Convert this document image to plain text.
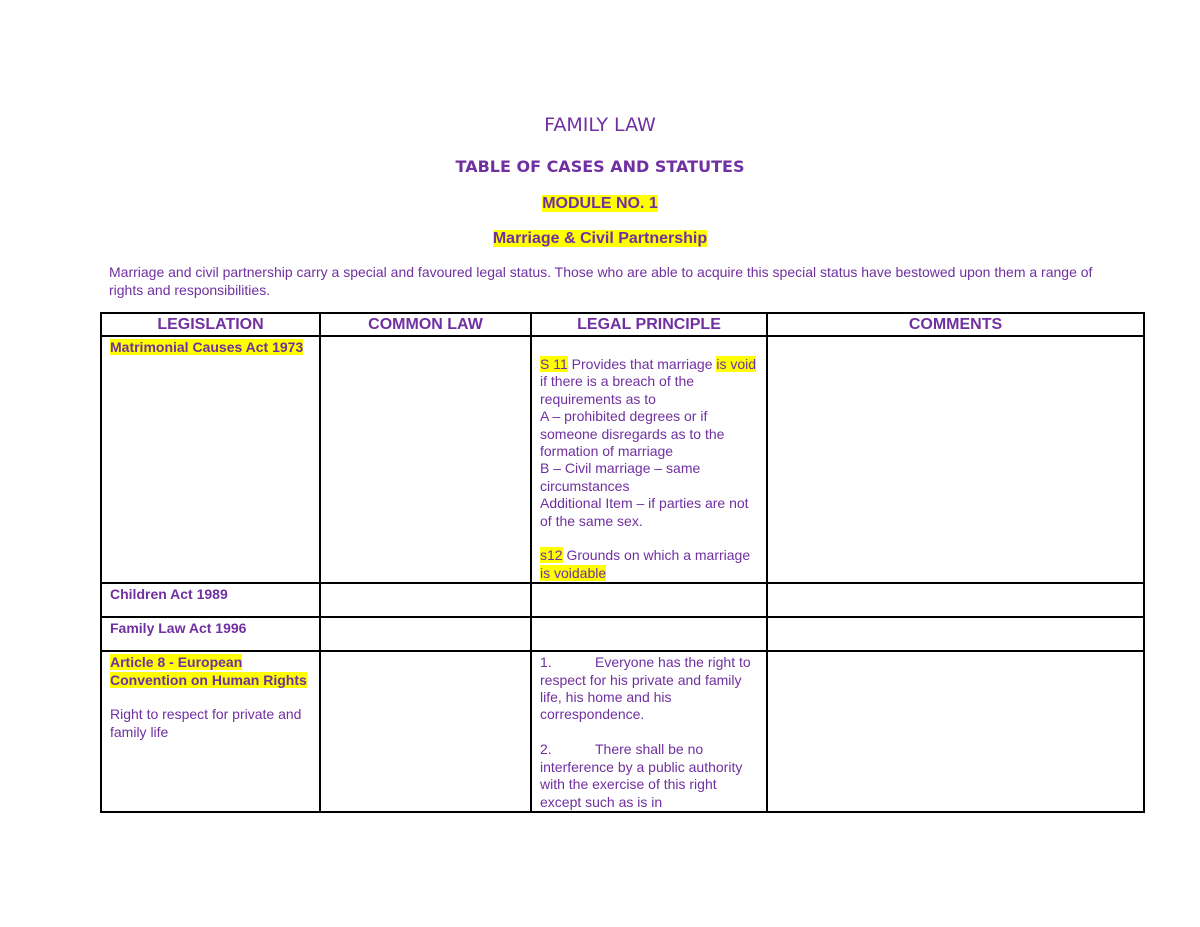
FAMILY LAW
TABLE OF CASES AND STATUTES
MODULE NO. 1
Marriage & Civil Partnership
Marriage and civil partnership carry a special and favoured legal status. Those who are able to acquire this special status have bestowed upon them a range of rights and responsibilities.
LEGISLATION	COMMON LAW	LEGAL PRINCIPLE	COMMENTS
Matrimonial Causes Act 1973		S 11 Provides that marriage is void if there is a breach of the requirements as to
A – prohibited degrees or if someone disregards as to the formation of marriage
B – Civil marriage – same circumstances
Additional Item – if parties are not of the same sex.
s12 Grounds on which a marriage is voidable	
Children Act 1989			
Family Law Act 1996			
Article 8 - European Convention on Human Rights
Right to respect for private and family life		1. Everyone has the right to respect for his private and family life, his home and his correspondence.
2. There shall be no interference by a public authority with the exercise of this right except such as is in	
